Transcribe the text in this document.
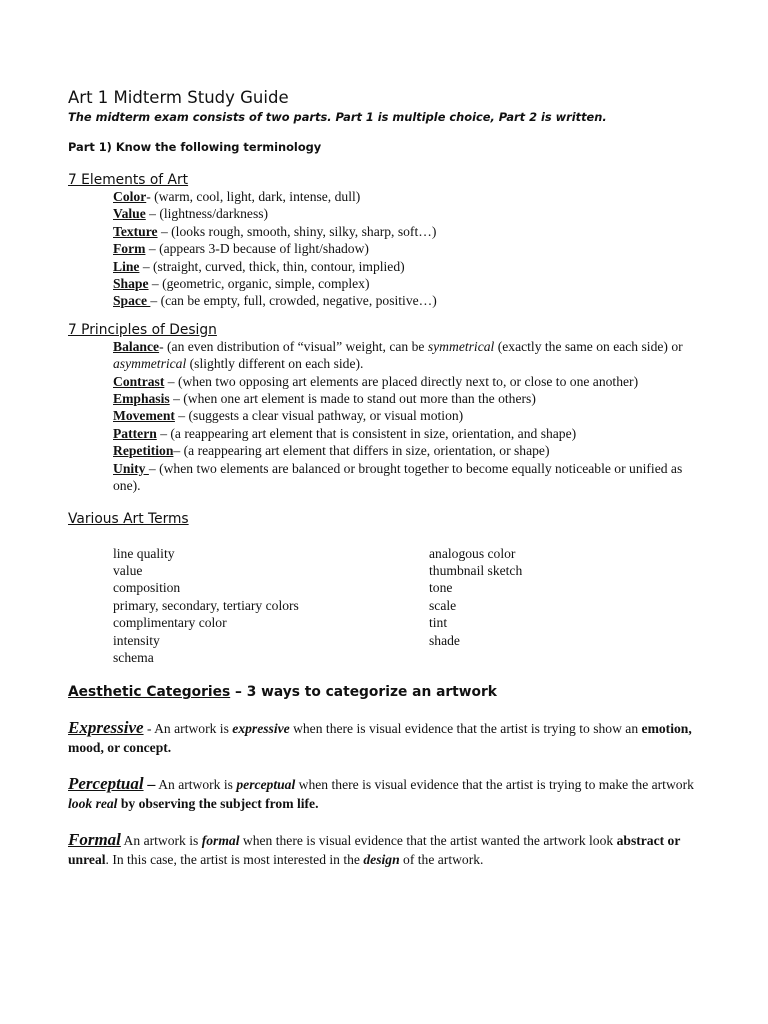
Art 1 Midterm Study Guide
The midterm exam consists of two parts. Part 1 is multiple choice, Part 2 is written.
Part 1) Know the following terminology
7 Elements of Art
Color- (warm, cool, light, dark, intense, dull)
Value – (lightness/darkness)
Texture – (looks rough, smooth, shiny, silky, sharp, soft…)
Form – (appears 3-D because of light/shadow)
Line – (straight, curved, thick, thin, contour, implied)
Shape – (geometric, organic, simple, complex)
Space – (can be empty, full, crowded, negative, positive…)
7 Principles of Design
Balance- (an even distribution of “visual” weight, can be symmetrical (exactly the same on each side) or asymmetrical (slightly different on each side).
Contrast – (when two opposing art elements are placed directly next to, or close to one another)
Emphasis – (when one art element is made to stand out more than the others)
Movement – (suggests a clear visual pathway, or visual motion)
Pattern – (a reappearing art element that is consistent in size, orientation, and shape)
Repetition– (a reappearing art element that differs in size, orientation, or shape)
Unity – (when two elements are balanced or brought together to become equally noticeable or unified as one).
Various Art Terms
line quality
value
composition
primary, secondary, tertiary colors
complimentary color
intensity
schema
analogous color
thumbnail sketch
tone
scale
tint
shade
Aesthetic Categories – 3 ways to categorize an artwork
Expressive - An artwork is expressive when there is visual evidence that the artist is trying to show an emotion, mood, or concept.
Perceptual – An artwork is perceptual when there is visual evidence that the artist is trying to make the artwork look real by observing the subject from life.
Formal An artwork is formal when there is visual evidence that the artist wanted the artwork look abstract or unreal. In this case, the artist is most interested in the design of the artwork.
